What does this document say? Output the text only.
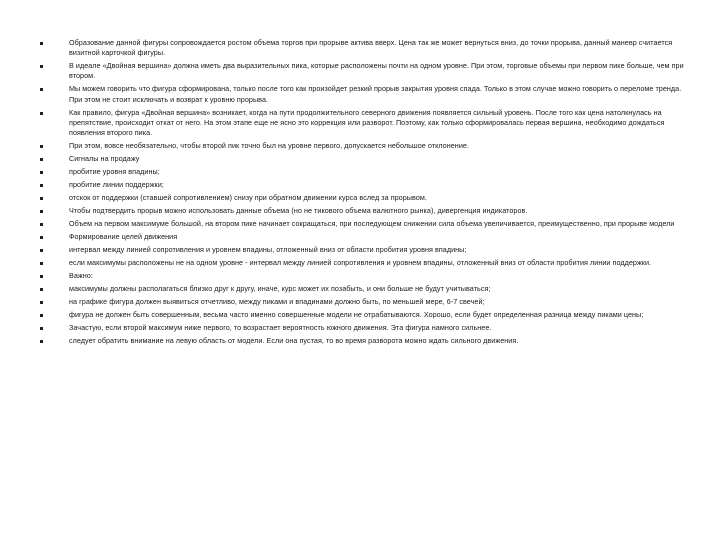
Образование данной фигуры сопровождается ростом объема торгов при прорыве актива вверх. Цена так же может вернуться вниз, до точки прорыва, данный маневр считается визитной карточкой фигуры.
В идеале «Двойная вершина» должна иметь два выразительных пика, которые расположены почти на одном уровне. При этом, торговые объемы при первом пике больше, чем при втором.
Мы можем говорить что фигура сформирована, только после того как произойдет резкий прорыв закрытия уровня спада. Только в этом случае можно говорить о переломе тренда. При этом не стоит исключать и возврат к уровню прорыва.
Как правило, фигура «Двойная вершина» возникает, когда на пути продолжительного северного движения появляется сильный уровень. После того как цена натолкнулась на препятствие, происходит откат от него. На этом этапе еще не ясно это коррекция или разворот. Поэтому, как только сформировалась первая вершина, необходимо дождаться появления второго пика.
При этом, вовсе необязательно, чтобы второй пик точно был на уровне первого, допускается небольшое отклонение.
Сигналы на продажу
пробитие уровня впадины;
пробитие линии поддержки;
отскок от поддержки (ставшей сопротивлением) снизу при обратном движении курса вслед за прорывом.
Чтобы подтвердить прорыв можно использовать данные объема (но не тикового объема валютного рынка), дивергенция индикаторов.
Объем на первом максимуме большой, на втором пике начинает сокращаться, при последующем снижении сила объема увеличивается, преимущественно, при прорыве модели
Формирование целей движения
интервал между линией сопротивления и уровнем впадины, отложенный вниз от области пробития уровня впадины;
если максимумы расположены не на одном уровне - интервал между линией сопротивления и уровнем впадины, отложенный вниз от области пробития линии поддержки.
Важно:
максимумы должны располагаться близко друг к другу, иначе, курс может их позабыть, и они больше не будут учитываться;
на графике фигура должен выявиться отчетливо, между пиками и впадинами должно быть, по меньшей мере, 6-7 свечей;
фигура не должен быть совершенным, весьма часто именно совершенные модели не отрабатываются. Хорошо, если будет определенная разница между пиками цены;
Зачастую, если второй максимум ниже первого, то возрастает вероятность южного движения. Эта фигура намного сильнее.
следует обратить внимание на левую область от модели. Если она пустая, то во время разворота можно ждать сильного движения.
